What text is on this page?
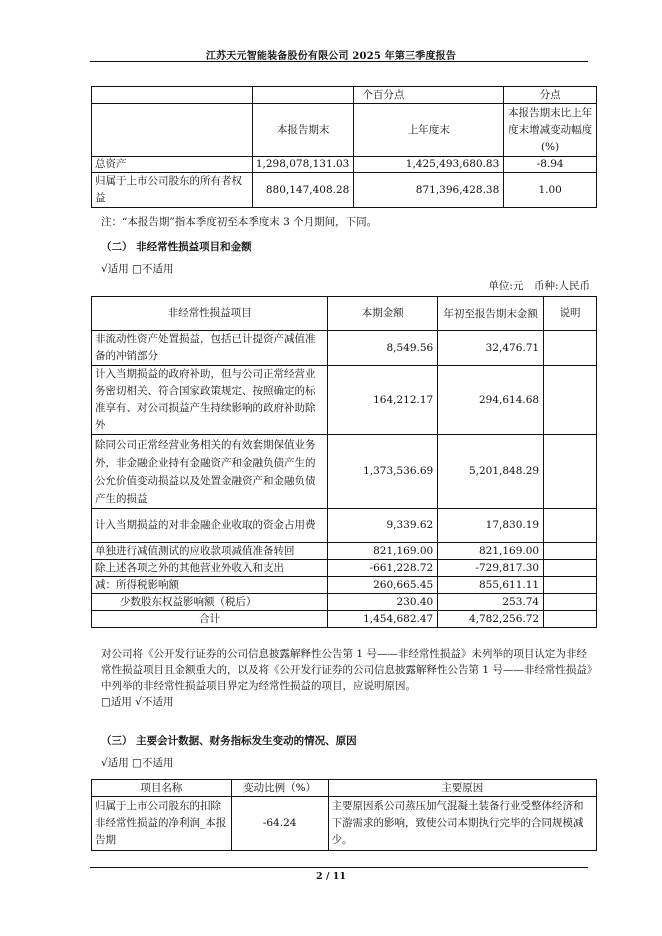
江苏天元智能装备股份有限公司 2025 年第三季度报告
		个百分点	分点
	本报告期末	上年度末	本报告期末比上年度末增减变动幅度(%)
总资产	1,298,078,131.03	1,425,493,680.83	-8.94
归属于上市公司股东的所有者权益	880,147,408.28	871,396,428.38	1.00
注：“本报告期”指本季度初至本季度末 3 个月期间，下同。
（二） 非经常性损益项目和金额
√适用 □不适用
单位:元　币种:人民币
非经常性损益项目	本期金额	年初至报告期末金额	说明
非流动性资产处置损益，包括已计提资产减值准备的冲销部分	8,549.56	32,476.71	
计入当期损益的政府补助，但与公司正常经营业务密切相关、符合国家政策规定、按照确定的标准享有、对公司损益产生持续影响的政府补助除外	164,212.17	294,614.68	
除同公司正常经营业务相关的有效套期保值业务外，非金融企业持有金融资产和金融负债产生的公允价值变动损益以及处置金融资产和金融负债产生的损益	1,373,536.69	5,201,848.29	
计入当期损益的对非金融企业收取的资金占用费	9,339.62	17,830.19	
单独进行减值测试的应收款项减值准备转回	821,169.00	821,169.00	
除上述各项之外的其他营业外收入和支出	-661,228.72	-729,817.30	
减：所得税影响额	260,665.45	855,611.11	
少数股东权益影响额（税后）	230.40	253.74	
合计	1,454,682.47	4,782,256.72	
对公司将《公开发行证券的公司信息披露解释性公告第 1 号——非经常性损益》未列举的项目认定为非经常性损益项目且金额重大的，以及将《公开发行证券的公司信息披露解释性公告第 1 号——非经常性损益》中列举的非经常性损益项目界定为经常性损益的项目，应说明原因。
□适用 √不适用
（三） 主要会计数据、财务指标发生变动的情况、原因
√适用 □不适用
项目名称	变动比例（%）	主要原因
归属于上市公司股东的扣除非经常性损益的净利润_本报告期	-64.24	主要原因系公司蒸压加气混凝土装备行业受整体经济和下游需求的影响，致使公司本期执行完毕的合同规模减少。
2 / 11
